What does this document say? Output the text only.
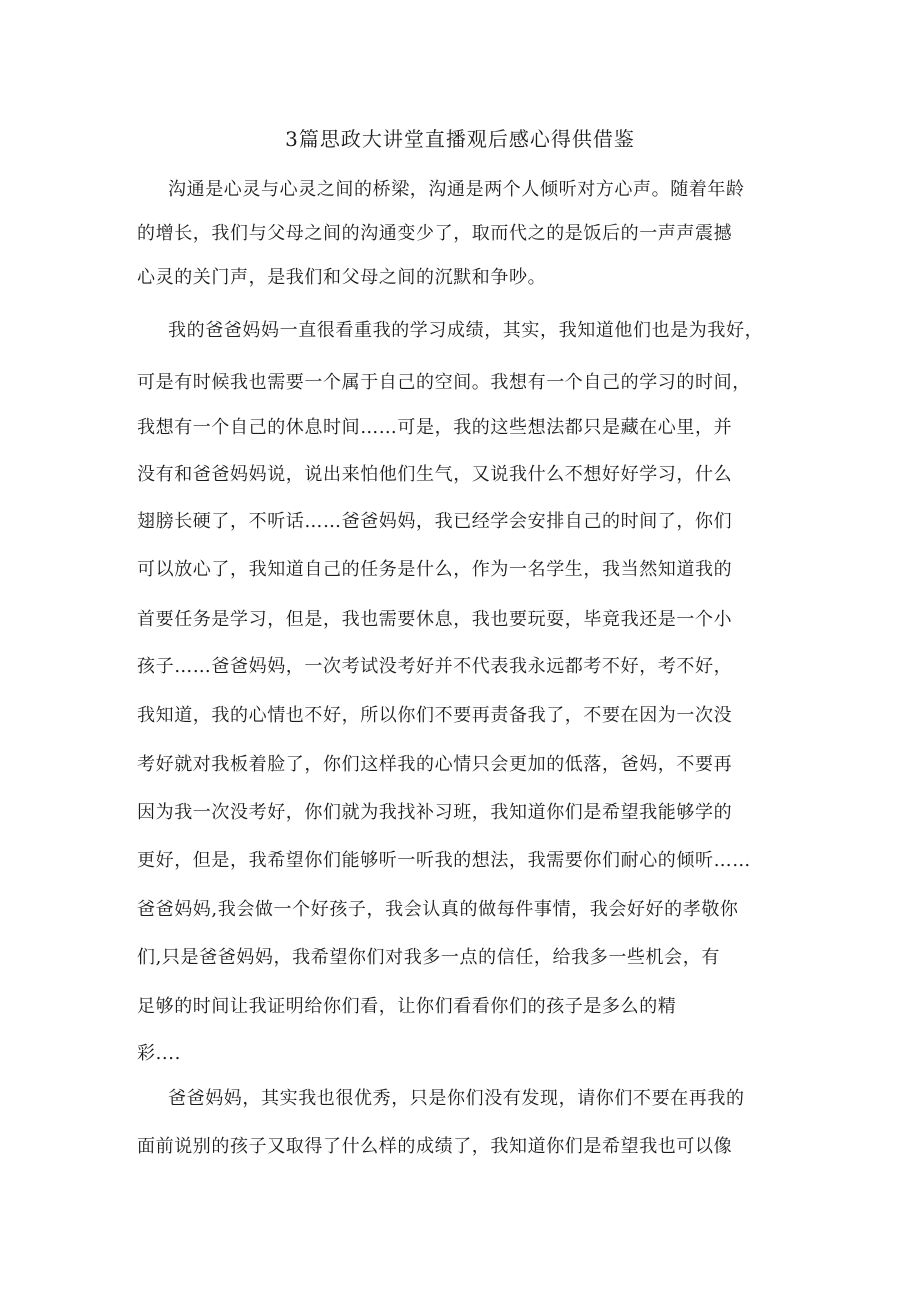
3篇思政大讲堂直播观后感心得供借鉴
沟通是心灵与心灵之间的桥梁，沟通是两个人倾听对方心声。随着年龄
的增长，我们与父母之间的沟通变少了，取而代之的是饭后的一声声震撼
心灵的关门声，是我们和父母之间的沉默和争吵。
我的爸爸妈妈一直很看重我的学习成绩，其实，我知道他们也是为我好，
可是有时候我也需要一个属于自己的空间。我想有一个自己的学习的时间，
我想有一个自己的休息时间……可是，我的这些想法都只是藏在心里，并
没有和爸爸妈妈说，说出来怕他们生气，又说我什么不想好好学习，什么
翅膀长硬了，不听话……爸爸妈妈，我已经学会安排自己的时间了，你们
可以放心了，我知道自己的任务是什么，作为一名学生，我当然知道我的
首要任务是学习，但是，我也需要休息，我也要玩耍，毕竟我还是一个小
孩子……爸爸妈妈，一次考试没考好并不代表我永远都考不好，考不好，
我知道，我的心情也不好，所以你们不要再责备我了，不要在因为一次没
考好就对我板着脸了，你们这样我的心情只会更加的低落，爸妈，不要再
因为我一次没考好，你们就为我找补习班，我知道你们是希望我能够学的
更好，但是，我希望你们能够听一听我的想法，我需要你们耐心的倾听……
爸爸妈妈,我会做一个好孩子，我会认真的做每件事情，我会好好的孝敬你
们,只是爸爸妈妈，我希望你们对我多一点的信任，给我多一些机会，有
足够的时间让我证明给你们看，让你们看看你们的孩子是多么的精
彩....
爸爸妈妈，其实我也很优秀，只是你们没有发现，请你们不要在再我的
面前说别的孩子又取得了什么样的成绩了，我知道你们是希望我也可以像
